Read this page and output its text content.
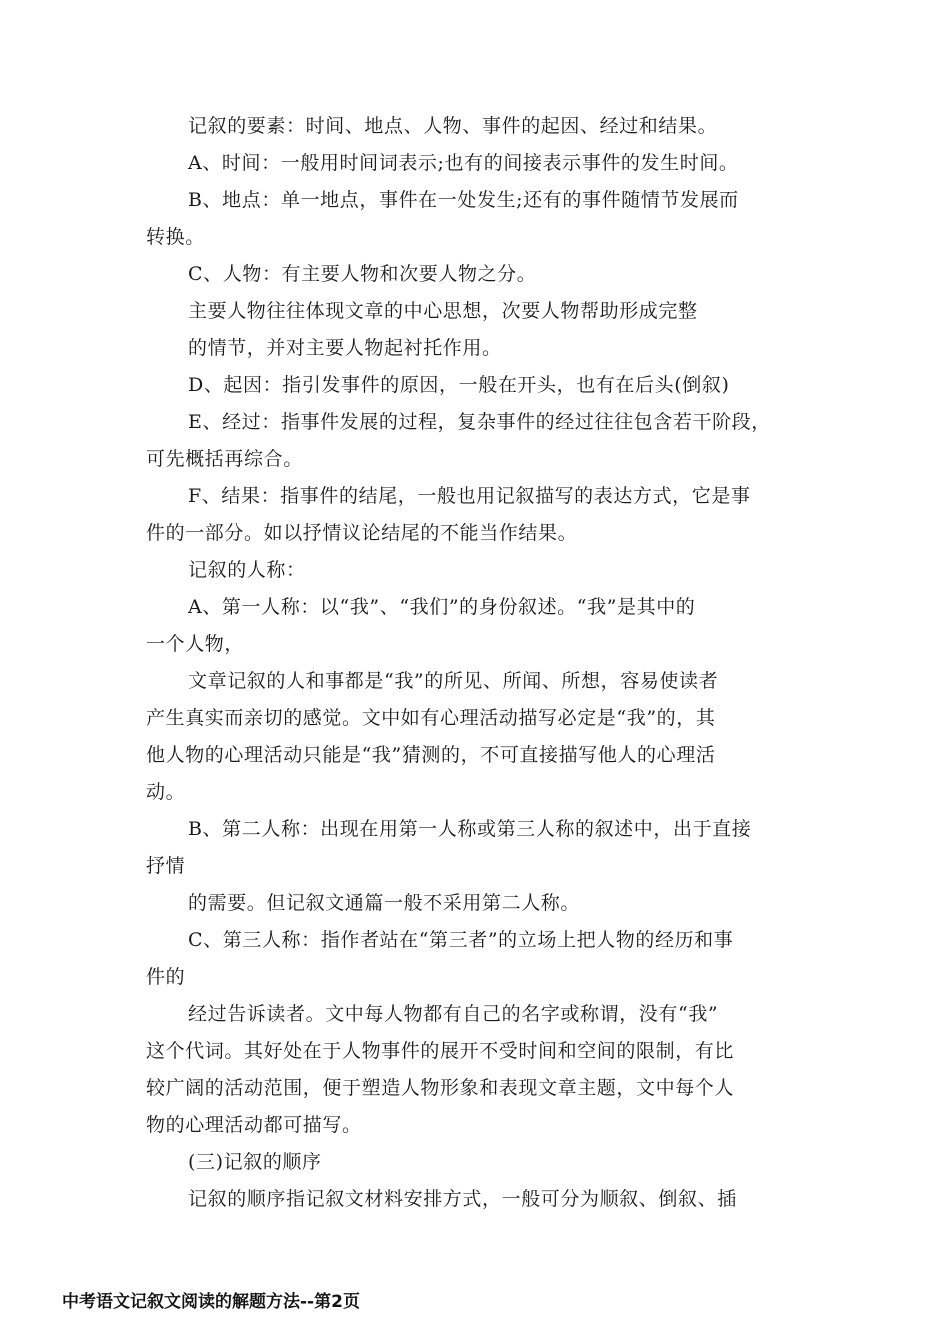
记叙的要素：时间、地点、人物、事件的起因、经过和结果。
A、时间：一般用时间词表示;也有的间接表示事件的发生时间。
B、地点：单一地点，事件在一处发生;还有的事件随情节发展而
转换。
C、人物：有主要人物和次要人物之分。
主要人物往往体现文章的中心思想，次要人物帮助形成完整
的情节，并对主要人物起衬托作用。
D、起因：指引发事件的原因，一般在开头，也有在后头(倒叙)
E、经过：指事件发展的过程，复杂事件的经过往往包含若干阶段，
可先概括再综合。
F、结果：指事件的结尾，一般也用记叙描写的表达方式，它是事
件的一部分。如以抒情议论结尾的不能当作结果。
记叙的人称：
A、第一人称：以“我”、“我们”的身份叙述。“我”是其中的
一个人物，
文章记叙的人和事都是“我”的所见、所闻、所想，容易使读者
产生真实而亲切的感觉。文中如有心理活动描写必定是“我”的，其
他人物的心理活动只能是“我”猜测的，不可直接描写他人的心理活
动。
B、第二人称：出现在用第一人称或第三人称的叙述中，出于直接
抒情
的需要。但记叙文通篇一般不采用第二人称。
C、第三人称：指作者站在“第三者”的立场上把人物的经历和事
件的
经过告诉读者。文中每人物都有自己的名字或称谓，没有“我”
这个代词。其好处在于人物事件的展开不受时间和空间的限制，有比
较广阔的活动范围，便于塑造人物形象和表现文章主题，文中每个人
物的心理活动都可描写。
(三)记叙的顺序
记叙的顺序指记叙文材料安排方式，一般可分为顺叙、倒叙、插
中考语文记叙文阅读的解题方法--第2页
